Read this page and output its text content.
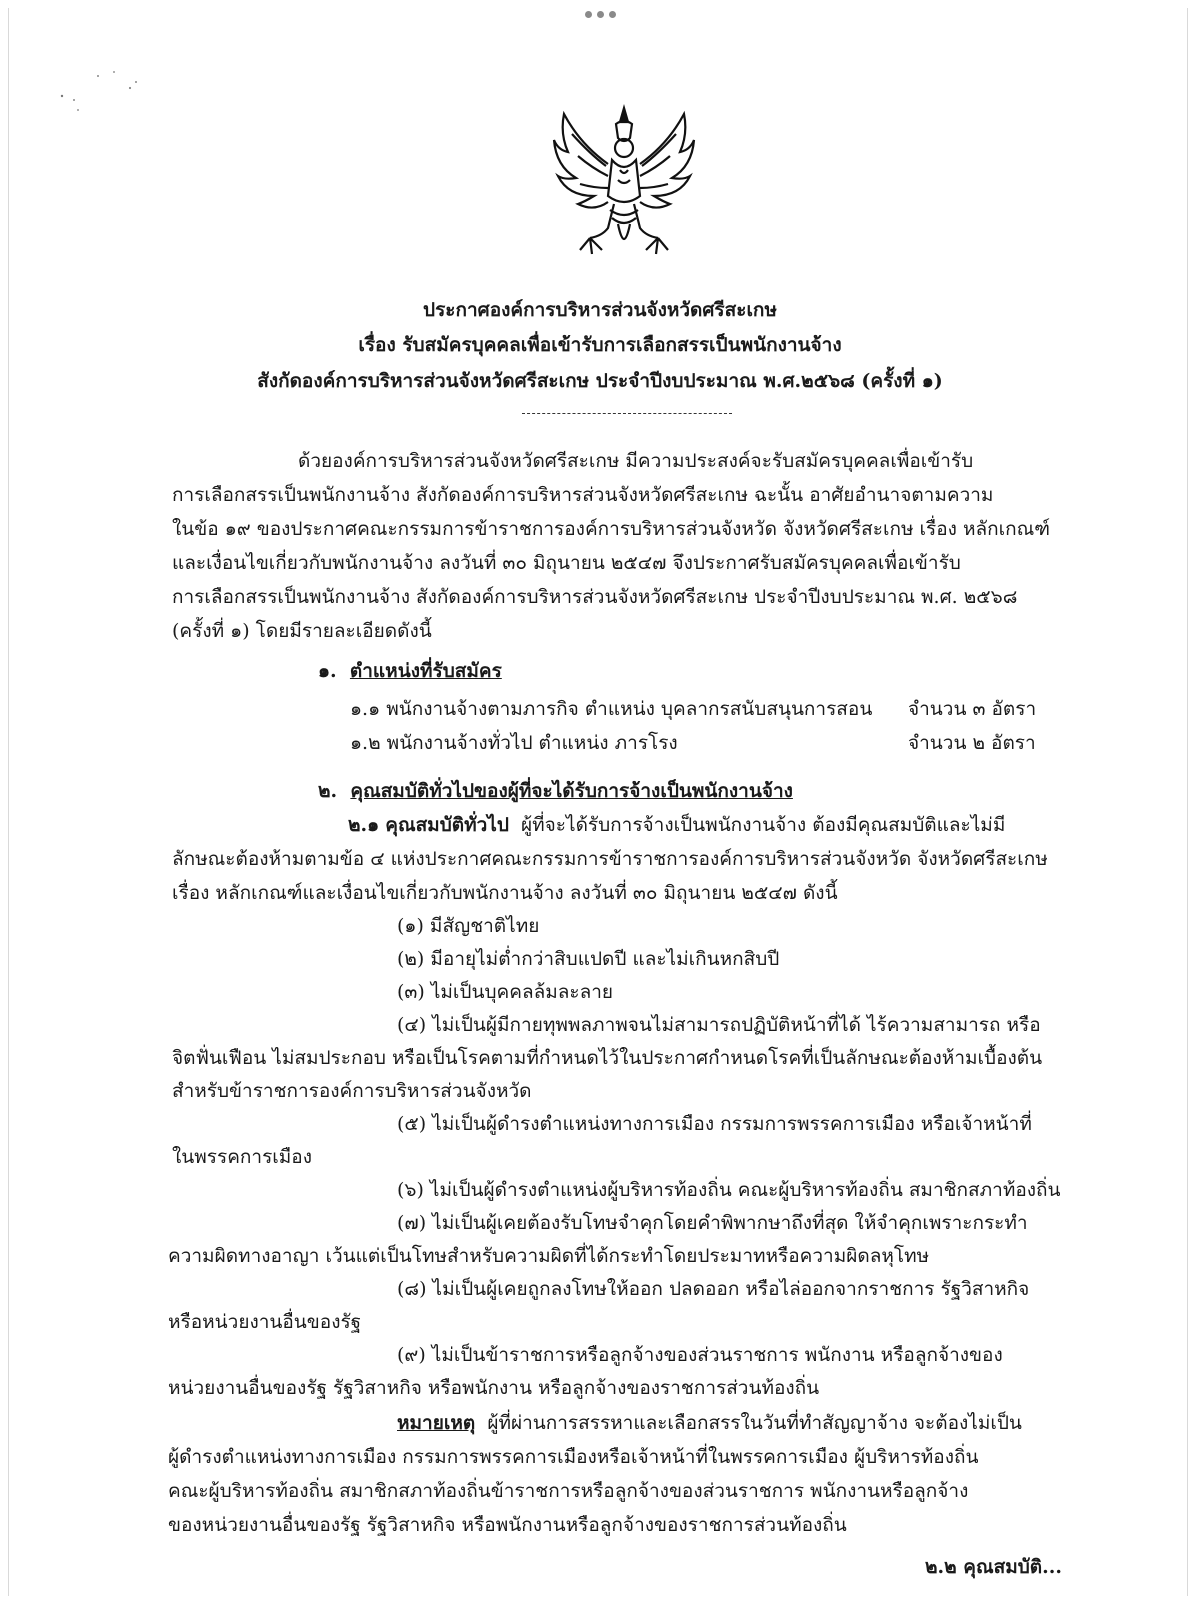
ประกาศองค์การบริหารส่วนจังหวัดศรีสะเกษ
เรื่อง รับสมัครบุคคลเพื่อเข้ารับการเลือกสรรเป็นพนักงานจ้าง
สังกัดองค์การบริหารส่วนจังหวัดศรีสะเกษ ประจำปีงบประมาณ พ.ศ.๒๕๖๘ (ครั้งที่ ๑)
ด้วยองค์การบริหารส่วนจังหวัดศรีสะเกษ มีความประสงค์จะรับสมัครบุคคลเพื่อเข้ารับ
การเลือกสรรเป็นพนักงานจ้าง สังกัดองค์การบริหารส่วนจังหวัดศรีสะเกษ ฉะนั้น อาศัยอำนาจตามความ
ในข้อ ๑๙ ของประกาศคณะกรรมการข้าราชการองค์การบริหารส่วนจังหวัด จังหวัดศรีสะเกษ เรื่อง หลักเกณฑ์
และเงื่อนไขเกี่ยวกับพนักงานจ้าง ลงวันที่ ๓๐ มิถุนายน ๒๕๔๗ จึงประกาศรับสมัครบุคคลเพื่อเข้ารับ
การเลือกสรรเป็นพนักงานจ้าง สังกัดองค์การบริหารส่วนจังหวัดศรีสะเกษ ประจำปีงบประมาณ พ.ศ. ๒๕๖๘
(ครั้งที่ ๑) โดยมีรายละเอียดดังนี้
๑. ตำแหน่งที่รับสมัคร
๑.๑ พนักงานจ้างตามภารกิจ ตำแหน่ง บุคลากรสนับสนุนการสอน จำนวน ๓ อัตรา
๑.๒ พนักงานจ้างทั่วไป ตำแหน่ง ภารโรง	จำนวน ๒ อัตรา
๒. คุณสมบัติทั่วไปของผู้ที่จะได้รับการจ้างเป็นพนักงานจ้าง
๒.๑ คุณสมบัติทั่วไป ผู้ที่จะได้รับการจ้างเป็นพนักงานจ้าง ต้องมีคุณสมบัติและไม่มี
ลักษณะต้องห้ามตามข้อ ๔ แห่งประกาศคณะกรรมการข้าราชการองค์การบริหารส่วนจังหวัด จังหวัดศรีสะเกษ
เรื่อง หลักเกณฑ์และเงื่อนไขเกี่ยวกับพนักงานจ้าง ลงวันที่ ๓๐ มิถุนายน ๒๕๔๗ ดังนี้
(๑) มีสัญชาติไทย
(๒) มีอายุไม่ต่ำกว่าสิบแปดปี และไม่เกินหกสิบปี
(๓) ไม่เป็นบุคคลล้มละลาย
(๔) ไม่เป็นผู้มีกายทุพพลภาพจนไม่สามารถปฏิบัติหน้าที่ได้ ไร้ความสามารถ หรือ
จิตฟั่นเฟือน ไม่สมประกอบ หรือเป็นโรคตามที่กำหนดไว้ในประกาศกำหนดโรคที่เป็นลักษณะต้องห้ามเบื้องต้น
สำหรับข้าราชการองค์การบริหารส่วนจังหวัด
(๕) ไม่เป็นผู้ดำรงตำแหน่งทางการเมือง กรรมการพรรคการเมือง หรือเจ้าหน้าที่
ในพรรคการเมือง
(๖) ไม่เป็นผู้ดำรงตำแหน่งผู้บริหารท้องถิ่น คณะผู้บริหารท้องถิ่น สมาชิกสภาท้องถิ่น
(๗) ไม่เป็นผู้เคยต้องรับโทษจำคุกโดยคำพิพากษาถึงที่สุด ให้จำคุกเพราะกระทำ
ความผิดทางอาญา เว้นแต่เป็นโทษสำหรับความผิดที่ได้กระทำโดยประมาทหรือความผิดลหุโทษ
(๘) ไม่เป็นผู้เคยถูกลงโทษให้ออก ปลดออก หรือไล่ออกจากราชการ รัฐวิสาหกิจ
หรือหน่วยงานอื่นของรัฐ
(๙) ไม่เป็นข้าราชการหรือลูกจ้างของส่วนราชการ พนักงาน หรือลูกจ้างของ
หน่วยงานอื่นของรัฐ รัฐวิสาหกิจ หรือพนักงาน หรือลูกจ้างของราชการส่วนท้องถิ่น
หมายเหตุ ผู้ที่ผ่านการสรรหาและเลือกสรรในวันที่ทำสัญญาจ้าง จะต้องไม่เป็น
ผู้ดำรงตำแหน่งทางการเมือง กรรมการพรรคการเมืองหรือเจ้าหน้าที่ในพรรคการเมือง ผู้บริหารท้องถิ่น
คณะผู้บริหารท้องถิ่น สมาชิกสภาท้องถิ่นข้าราชการหรือลูกจ้างของส่วนราชการ พนักงานหรือลูกจ้าง
ของหน่วยงานอื่นของรัฐ รัฐวิสาหกิจ หรือพนักงานหรือลูกจ้างของราชการส่วนท้องถิ่น
๒.๒ คุณสมบัติ...
